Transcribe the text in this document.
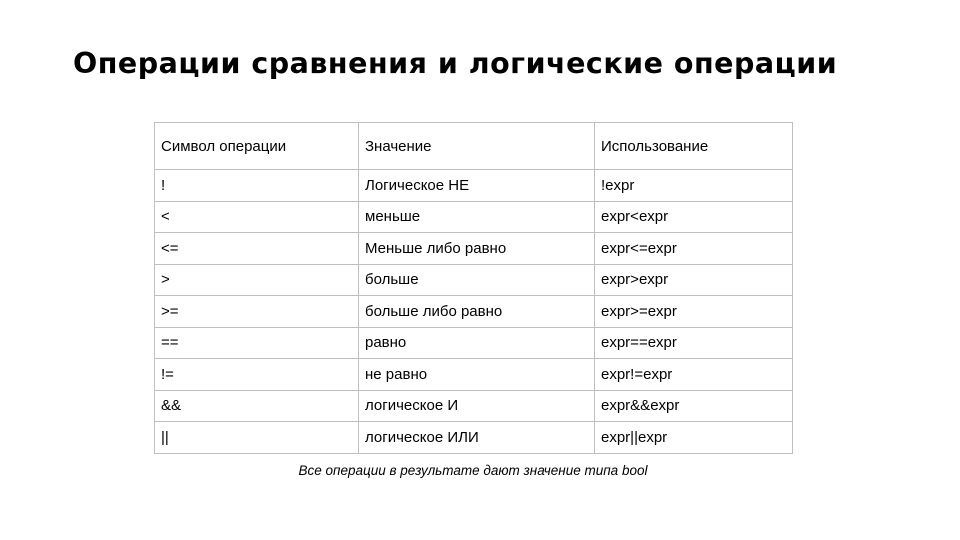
Операции сравнения и логические операции
Символ операции	Значение	Использование
!	Логическое НЕ	!expr
<	меньше	expr<expr
<=	Меньше либо равно	expr<=expr
>	больше	expr>expr
>=	больше либо равно	expr>=expr
==	равно	expr==expr
!=	не равно	expr!=expr
&&	логическое И	expr&&expr
||	логическое ИЛИ	expr||expr

Все операции в результате дают значение типа bool
